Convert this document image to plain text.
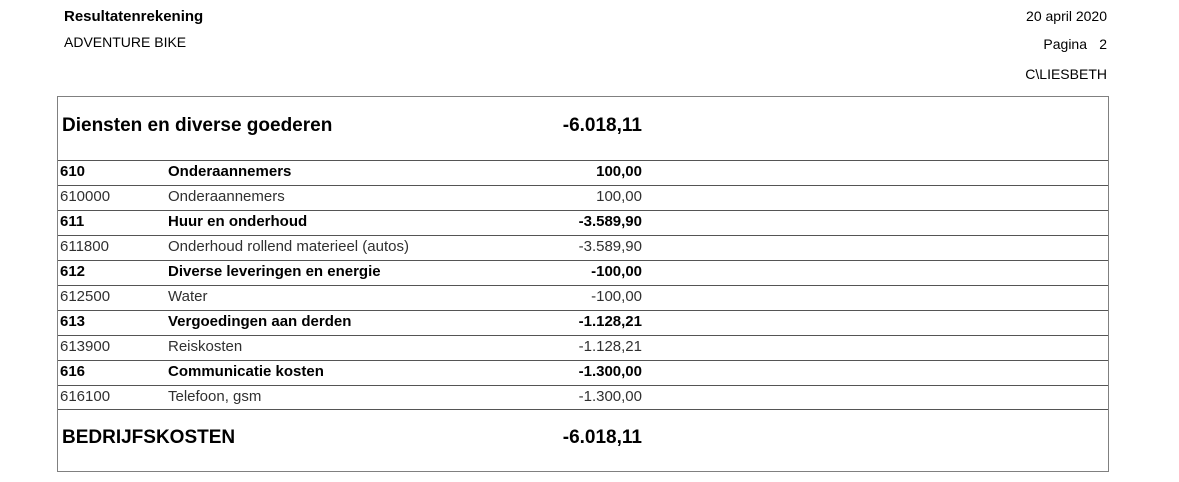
Resultatenrekening
ADVENTURE BIKE
20 april 2020
Pagina 2
C\LIESBETH
Diensten en diverse goederen	-6.018,11
610	Onderaannemers	100,00
610000	Onderaannemers	100,00
611	Huur en onderhoud	-3.589,90
611800	Onderhoud rollend materieel (autos)	-3.589,90
612	Diverse leveringen en energie	-100,00
612500	Water	-100,00
613	Vergoedingen aan derden	-1.128,21
613900	Reiskosten	-1.128,21
616	Communicatie kosten	-1.300,00
616100	Telefoon, gsm	-1.300,00
BEDRIJFSKOSTEN	-6.018,11
